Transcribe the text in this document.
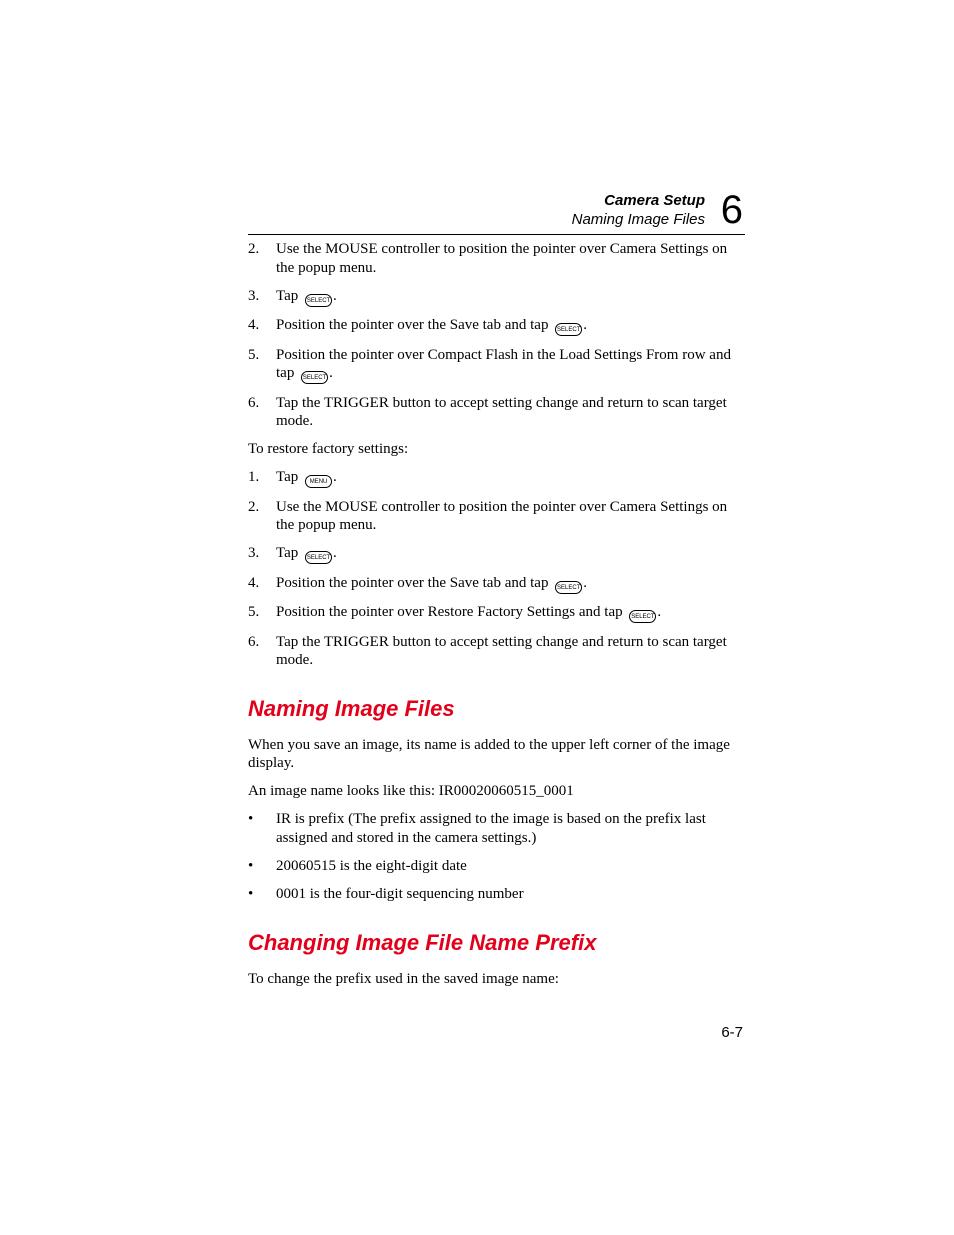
Camera Setup
Naming Image Files 6
2. Use the MOUSE controller to position the pointer over Camera Settings on the popup menu.
3. Tap SELECT .
4. Position the pointer over the Save tab and tap SELECT .
5. Position the pointer over Compact Flash in the Load Settings From row and tap SELECT .
6. Tap the TRIGGER button to accept setting change and return to scan target mode.

To restore factory settings:

1. Tap MENU .
2. Use the MOUSE controller to position the pointer over Camera Settings on the popup menu.
3. Tap SELECT .
4. Position the pointer over the Save tab and tap SELECT .
5. Position the pointer over Restore Factory Settings and tap SELECT .
6. Tap the TRIGGER button to accept setting change and return to scan target mode.
Naming Image Files

When you save an image, its name is added to the upper left corner of the image display.

An image name looks like this: IR00020060515_0001

• IR is prefix (The prefix assigned to the image is based on the prefix last assigned and stored in the camera settings.)
• 20060515 is the eight-digit date
• 0001 is the four-digit sequencing number
Changing Image File Name Prefix

To change the prefix used in the saved image name:

6-7
